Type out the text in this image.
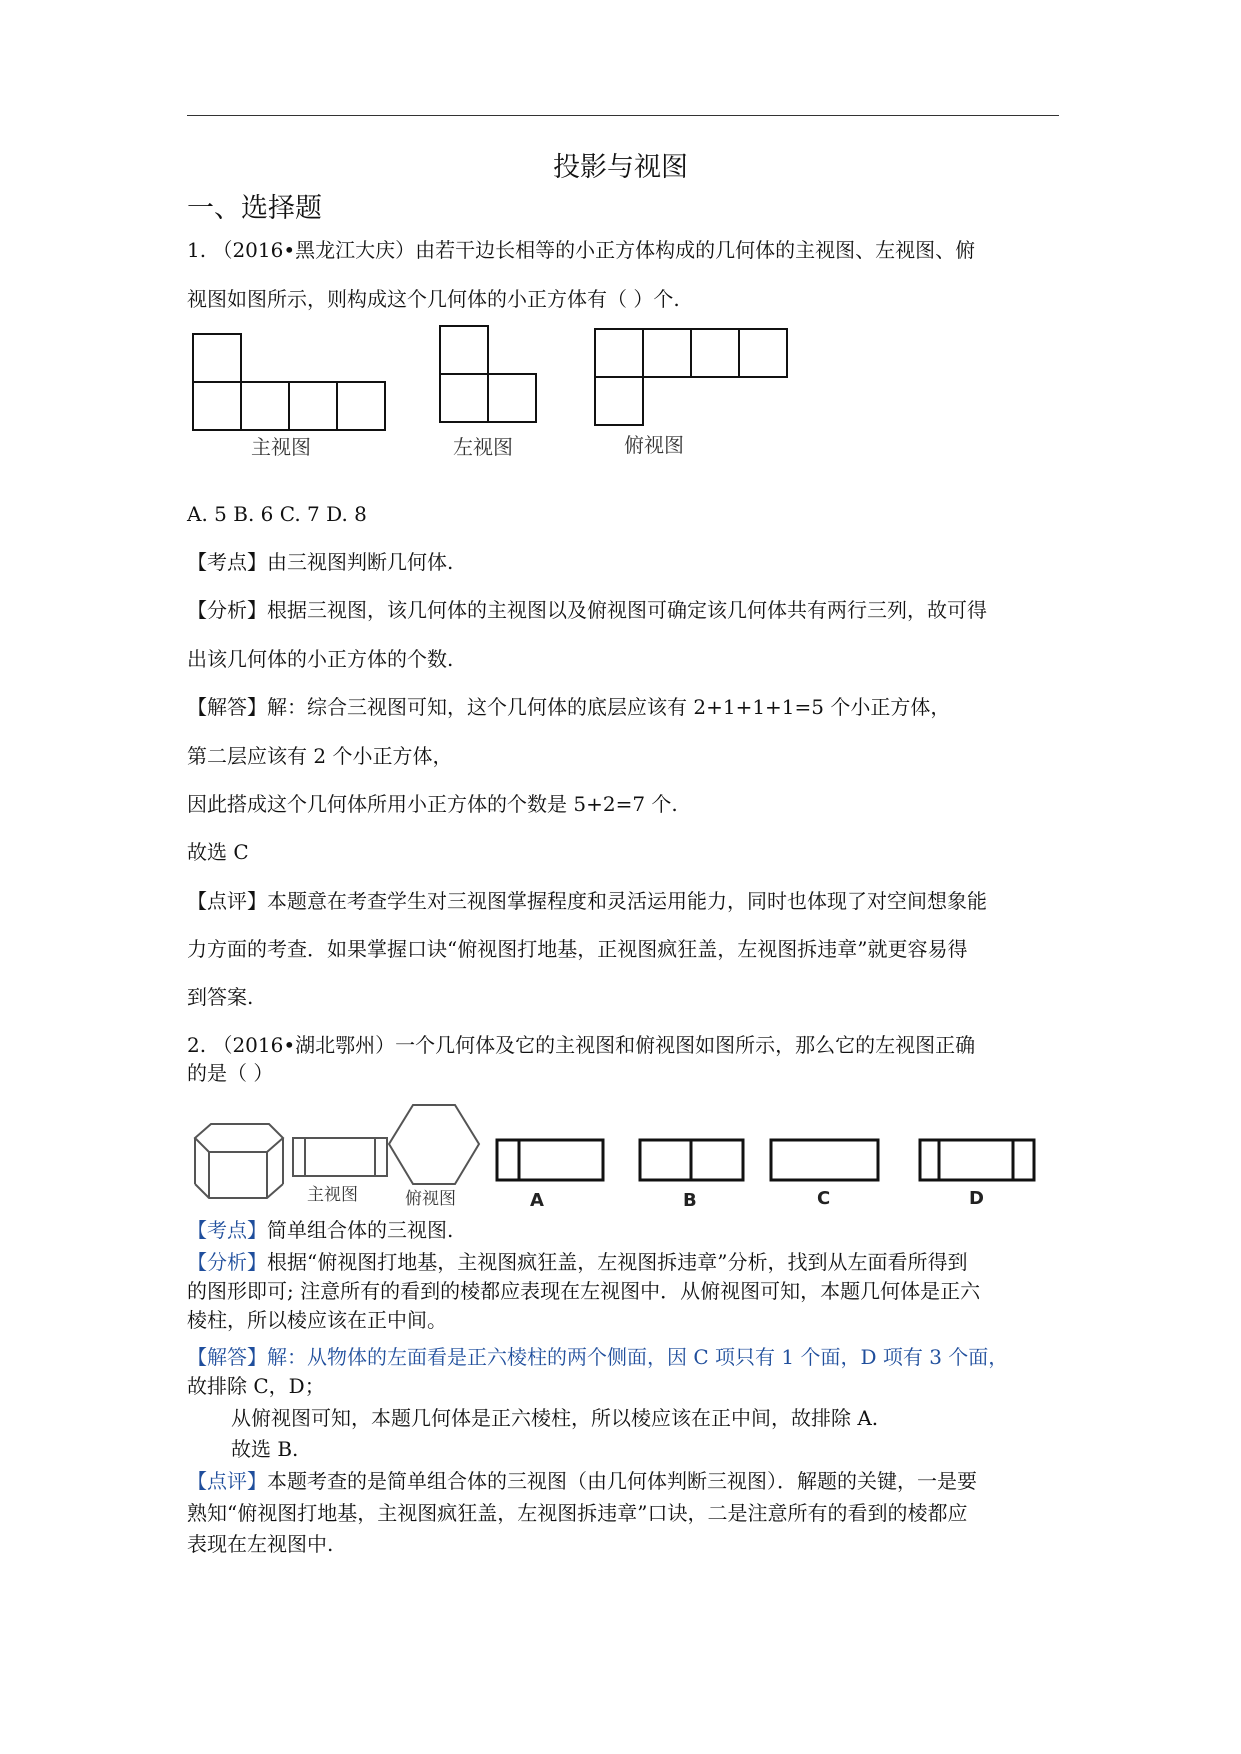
投影与视图
一、选择题
1. （2016•黑龙江大庆）由若干边长相等的小正方体构成的几何体的主视图、左视图、俯
视图如图所示，则构成这个几何体的小正方体有（ ）个.
主视图	左视图	俯视图
A. 5 B. 6 C. 7 D. 8
【考点】由三视图判断几何体.
【分析】根据三视图，该几何体的主视图以及俯视图可确定该几何体共有两行三列，故可得
出该几何体的小正方体的个数.
【解答】解：综合三视图可知，这个几何体的底层应该有 2+1+1+1=5 个小正方体，
第二层应该有 2 个小正方体，
因此搭成这个几何体所用小正方体的个数是 5+2=7 个.
故选 C
【点评】本题意在考查学生对三视图掌握程度和灵活运用能力，同时也体现了对空间想象能
力方面的考查．如果掌握口诀“俯视图打地基，正视图疯狂盖，左视图拆违章”就更容易得
到答案.
2. （2016•湖北鄂州）一个几何体及它的主视图和俯视图如图所示，那么它的左视图正确
的是（ ）
主视图	俯视图	A	B	C	D
【考点】简单组合体的三视图.
【分析】根据“俯视图打地基，主视图疯狂盖，左视图拆违章”分析，找到从左面看所得到
的图形即可; 注意所有的看到的棱都应表现在左视图中．从俯视图可知，本题几何体是正六
棱柱，所以棱应该在正中间。
【解答】解：从物体的左面看是正六棱柱的两个侧面，因 C 项只有 1 个面，D 项有 3 个面，
故排除 C，D；
从俯视图可知，本题几何体是正六棱柱，所以棱应该在正中间，故排除 A.
故选 B.
【点评】本题考查的是简单组合体的三视图（由几何体判断三视图）．解题的关键，一是要
熟知“俯视图打地基，主视图疯狂盖，左视图拆违章”口诀，二是注意所有的看到的棱都应
表现在左视图中.
